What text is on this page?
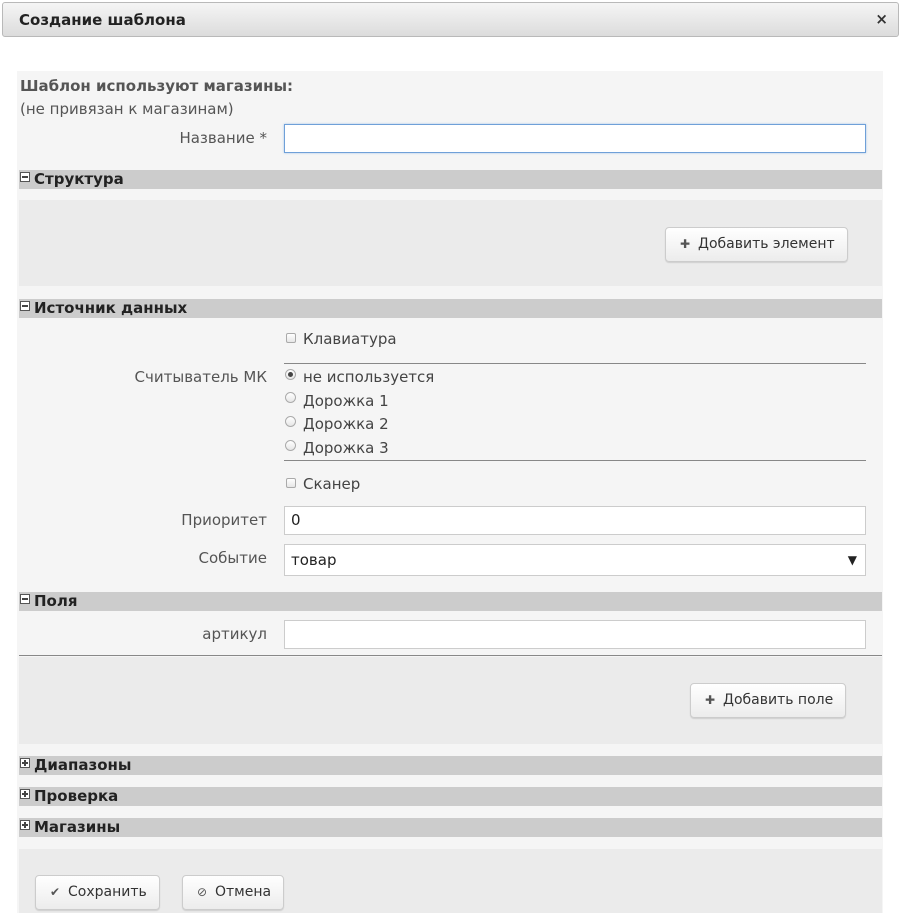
Создание шаблона	×
Шаблон используют магазины:
(не привязан к магазинам)
Название *
Структура
✚ Добавить элемент
Источник данных
Клавиатура
Считыватель МК не используется
Дорожка 1
Дорожка 2
Дорожка 3
Сканер
Приоритет	0
Событие	товар	▼
Поля
артикул
✚ Добавить поле
Диапазоны
Проверка
Магазины
✔ Сохранить	⊘ Отмена
